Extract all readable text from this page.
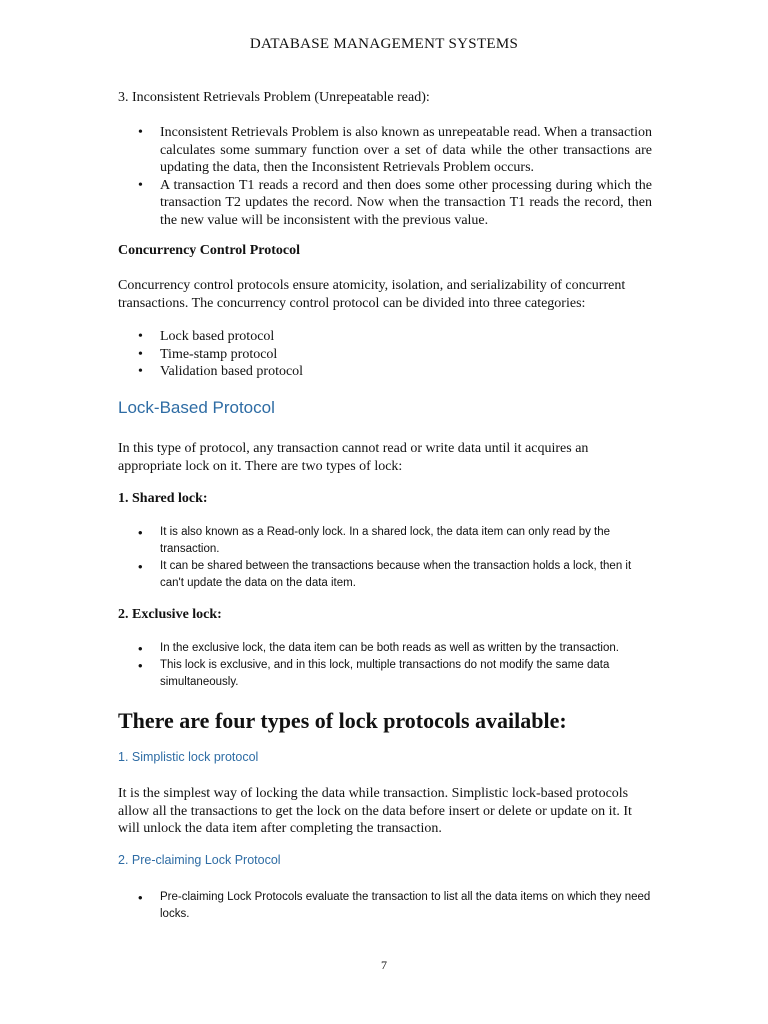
DATABASE MANAGEMENT SYSTEMS

3. Inconsistent Retrievals Problem (Unrepeatable read):

• Inconsistent Retrievals Problem is also known as unrepeatable read. When a transaction calculates some summary function over a set of data while the other transactions are updating the data, then the Inconsistent Retrievals Problem occurs.
• A transaction T1 reads a record and then does some other processing during which the transaction T2 updates the record. Now when the transaction T1 reads the record, then the new value will be inconsistent with the previous value.

Concurrency Control Protocol

Concurrency control protocols ensure atomicity, isolation, and serializability of concurrent transactions. The concurrency control protocol can be divided into three categories:

• Lock based protocol
• Time-stamp protocol
• Validation based protocol

Lock-Based Protocol

In this type of protocol, any transaction cannot read or write data until it acquires an appropriate lock on it. There are two types of lock:

1. Shared lock:

• It is also known as a Read-only lock. In a shared lock, the data item can only read by the transaction.
• It can be shared between the transactions because when the transaction holds a lock, then it can't update the data on the data item.

2. Exclusive lock:

• In the exclusive lock, the data item can be both reads as well as written by the transaction.
• This lock is exclusive, and in this lock, multiple transactions do not modify the same data simultaneously.

There are four types of lock protocols available:

1. Simplistic lock protocol

It is the simplest way of locking the data while transaction. Simplistic lock-based protocols allow all the transactions to get the lock on the data before insert or delete or update on it. It will unlock the data item after completing the transaction.

2. Pre-claiming Lock Protocol

• Pre-claiming Lock Protocols evaluate the transaction to list all the data items on which they need locks.
7
